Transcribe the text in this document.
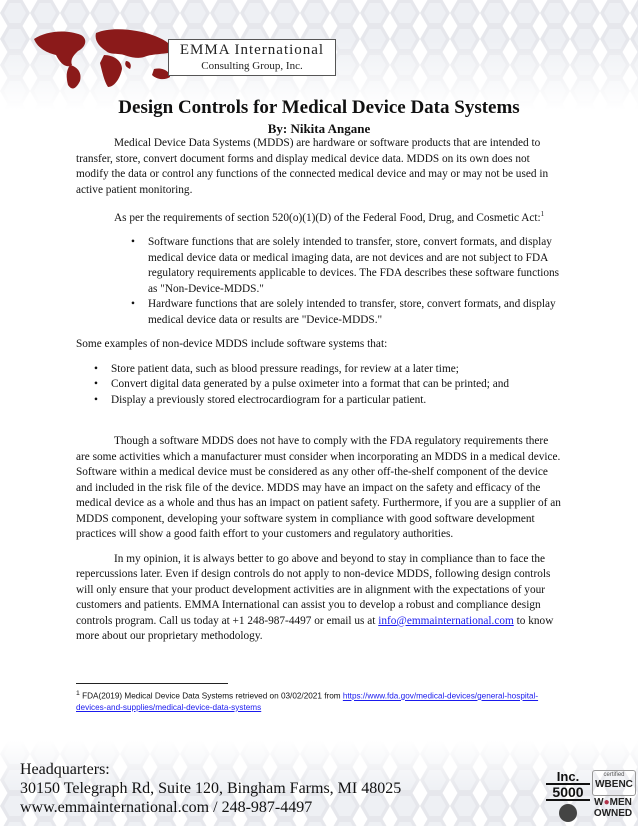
EMMA International
Consulting Group, Inc.
Design Controls for Medical Device Data Systems
By: Nikita Angane

Medical Device Data Systems (MDDS) are hardware or software products that are intended to transfer, store, convert document forms and display medical device data. MDDS on its own does not modify the data or control any functions of the connected medical device and may or may not be used in active patient monitoring.

As per the requirements of section 520(o)(1)(D) of the Federal Food, Drug, and Cosmetic Act:$^1$

• Software functions that are solely intended to transfer, store, convert formats, and display medical device data or medical imaging data, are not devices and are not subject to FDA regulatory requirements applicable to devices. The FDA describes these software functions as "Non-Device-MDDS."
• Hardware functions that are solely intended to transfer, store, convert formats, and display medical device data or results are "Device-MDDS."

Some examples of non-device MDDS include software systems that:

• Store patient data, such as blood pressure readings, for review at a later time;
• Convert digital data generated by a pulse oximeter into a format that can be printed; and
• Display a previously stored electrocardiogram for a particular patient.

Though a software MDDS does not have to comply with the FDA regulatory requirements there are some activities which a manufacturer must consider when incorporating an MDDS in a medical device. Software within a medical device must be considered as any other off-the-shelf component of the device and included in the risk file of the device. MDDS may have an impact on the safety and efficacy of the medical device as a whole and thus has an impact on patient safety. Furthermore, if you are a supplier of an MDDS component, developing your software system in compliance with good software development practices will show a good faith effort to your customers and regulatory authorities.

In my opinion, it is always better to go above and beyond to stay in compliance than to face the repercussions later. Even if design controls do not apply to non-device MDDS, following design controls will only ensure that your product development activities are in alignment with the expectations of your customers and patients. EMMA International can assist you to develop a robust and compliance design controls program. Call us today at +1 248-987-4497 or email us at info@emmainternational.com to know more about our proprietary methodology.

$^1$ FDA(2019) Medical Device Data Systems retrieved on 03/02/2021 from https://www.fda.gov/medical-devices/general-hospital-devices-and-supplies/medical-device-data-systems
Headquarters:
30150 Telegraph Rd, Suite 120, Bingham Farms, MI 48025
www.emmainternational.com / 248-987-4497
Inc.
5000
certified
WBENC
W●MEN
OWNED
